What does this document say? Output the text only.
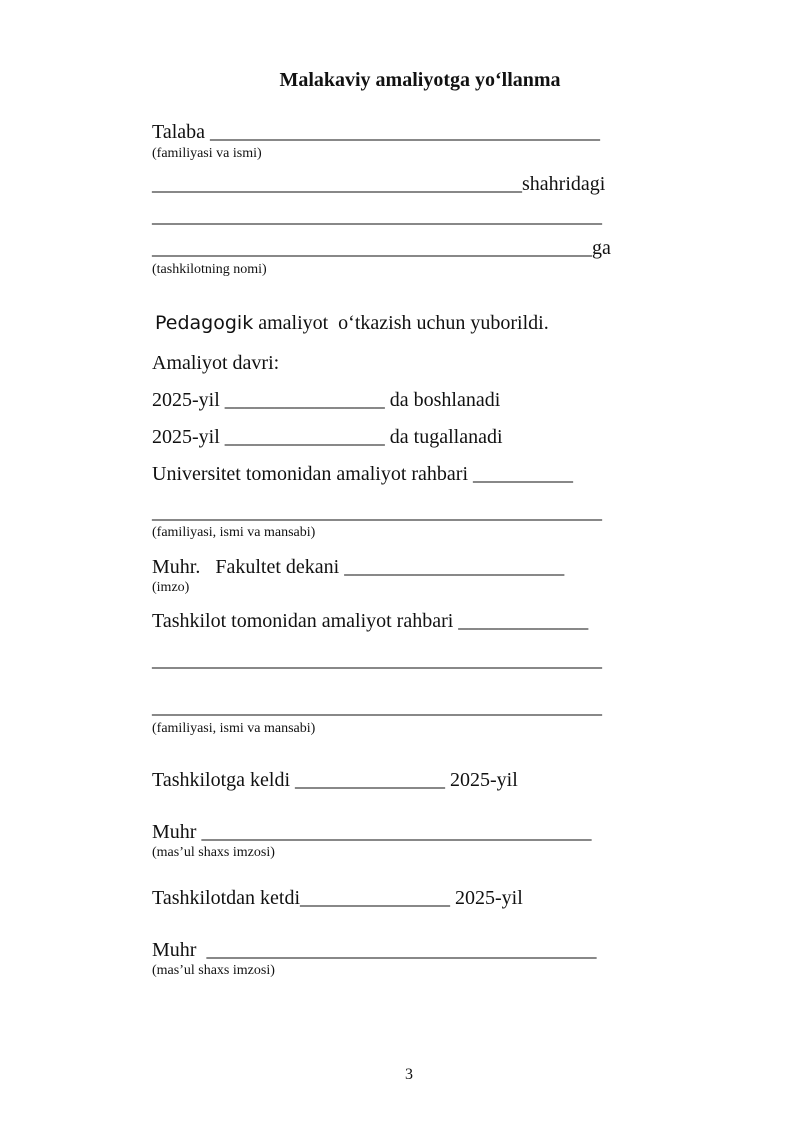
Malakaviy amaliyotga yo‘llanma
Talaba _______________________________________
(familiyasi va ismi)
_____________________________________shahridagi
_____________________________________________
____________________________________________ga
(tashkilotning nomi)
Pedagogik amaliyot  o‘tkazish uchun yuborildi.
Amaliyot davri:
2025-yil ________________ da boshlanadi
2025-yil ________________ da tugallanadi
Universitet tomonidan amaliyot rahbari __________
_____________________________________________
(familiyasi, ismi va mansabi)
Muhr.   Fakultet dekani ______________________
(imzo)
Tashkilot tomonidan amaliyot rahbari _____________
_____________________________________________
_____________________________________________
(familiyasi, ismi va mansabi)
Tashkilotga keldi _______________ 2025-yil
Muhr _______________________________________
(mas’ul shaxs imzosi)
Tashkilotdan ketdi_______________ 2025-yil
Muhr  _______________________________________
(mas’ul shaxs imzosi)
3
